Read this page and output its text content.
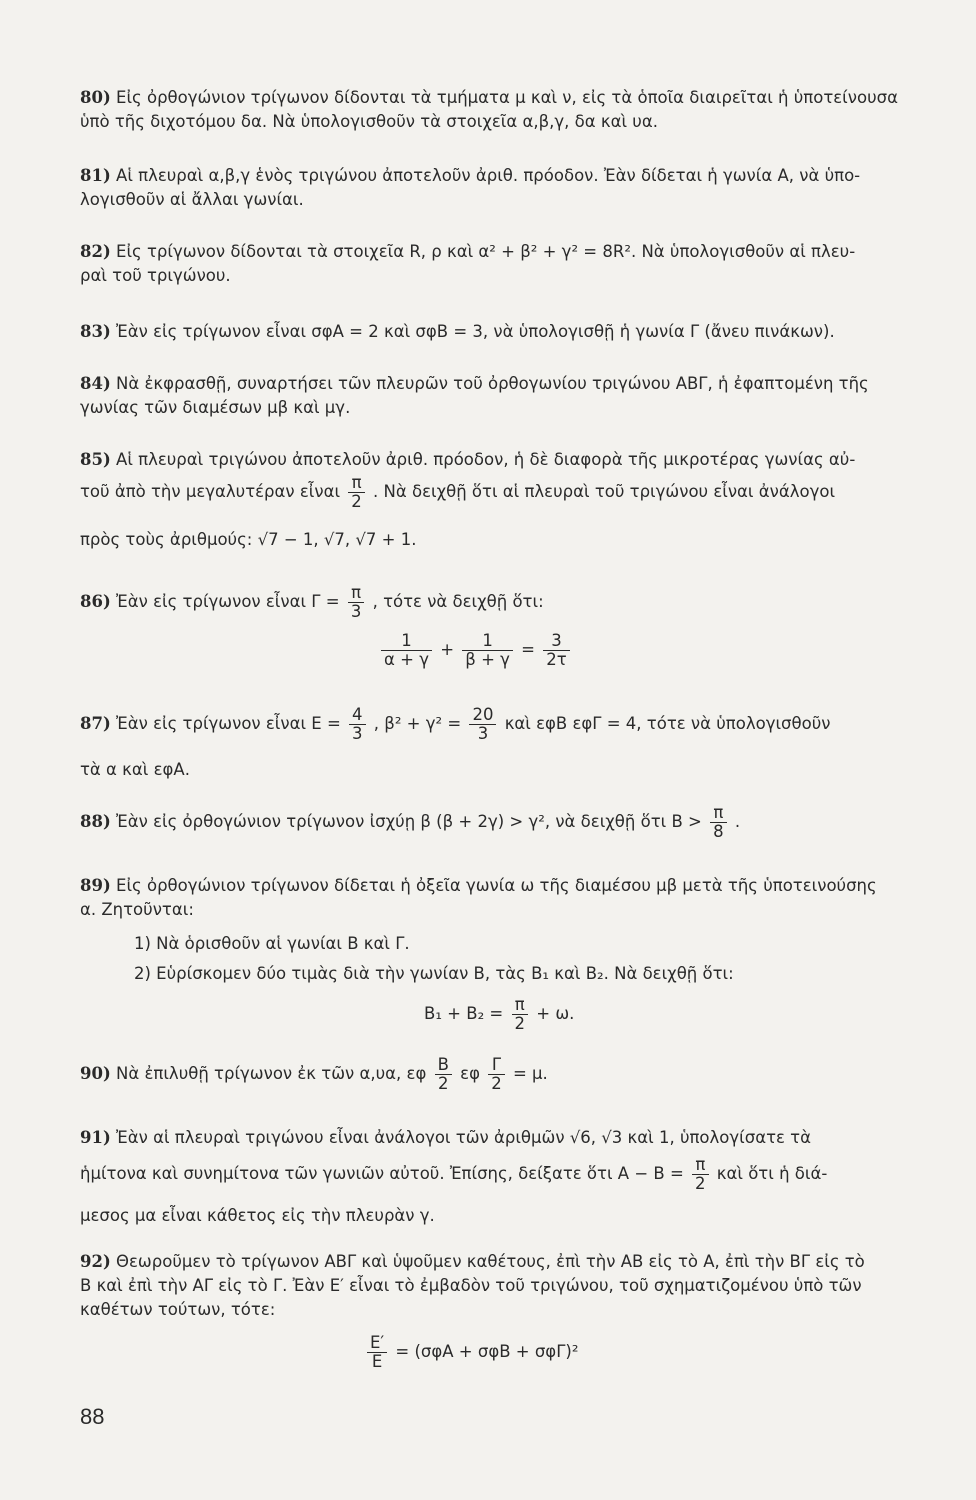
80) Εἰς ὀρθογώνιον τρίγωνον δίδονται τὰ τμήματα μ καὶ ν, εἰς τὰ ὁποῖα διαιρεῖται ἡ ὑποτείνουσα
ὑπὸ τῆς διχοτόμου δα. Νὰ ὑπολογισθοῦν τὰ στοιχεῖα α,β,γ, δα καὶ υα.
81) Αἱ πλευραὶ α,β,γ ἑνὸς τριγώνου ἀποτελοῦν ἀριθ. πρόοδον. Ἐὰν δίδεται ἡ γωνία Α, νὰ ὑπο-
λογισθοῦν αἱ ἄλλαι γωνίαι.
82) Εἰς τρίγωνον δίδονται τὰ στοιχεῖα R, ρ καὶ α² + β² + γ² = 8R². Νὰ ὑπολογισθοῦν αἱ πλευ-
ραὶ τοῦ τριγώνου.
83) Ἐὰν εἰς τρίγωνον εἶναι σφΑ = 2 καὶ σφΒ = 3, νὰ ὑπολογισθῇ ἡ γωνία Γ (ἄνευ πινάκων).
84) Νὰ ἐκφρασθῇ, συναρτήσει τῶν πλευρῶν τοῦ ὀρθογωνίου τριγώνου ΑΒΓ, ἡ ἐφαπτομένη τῆς
γωνίας τῶν διαμέσων μβ καὶ μγ.
85) Αἱ πλευραὶ τριγώνου ἀποτελοῦν ἀριθ. πρόοδον, ἡ δὲ διαφορὰ τῆς μικροτέρας γωνίας αὐ-
τοῦ ἀπὸ τὴν μεγαλυτέραν εἶναι $\frac{\pi}{2}$ . Νὰ δειχθῇ ὅτι αἱ πλευραὶ τοῦ τριγώνου εἶναι ἀνάλογοι
πρὸς τοὺς ἀριθμούς: √7 − 1, √7, √7 + 1.
86) Ἐὰν εἰς τρίγωνον εἶναι $\Gamma = \frac{\pi}{3}$ , τότε νὰ δειχθῇ ὅτι:
$\frac{1}{\alpha + \gamma} + \frac{1}{\beta + \gamma} = \frac{3}{2\tau}$
87) Ἐὰν εἰς τρίγωνον εἶναι $E = \frac{4}{3}$ , $\beta^2 + \gamma^2 = \frac{20}{3}$ καὶ εφΒ εφΓ = 4, τότε νὰ ὑπολογισθοῦν
τὰ α καὶ εφΑ.
88) Ἐὰν εἰς ὀρθογώνιον τρίγωνον ἰσχύῃ β (β + 2γ) > γ², νὰ δειχθῇ ὅτι $B > \frac{\pi}{8}$ .
89) Εἰς ὀρθογώνιον τρίγωνον δίδεται ἡ ὀξεῖα γωνία ω τῆς διαμέσου μβ μετὰ τῆς ὑποτεινούσης
α. Ζητοῦνται:
1) Νὰ ὁρισθοῦν αἱ γωνίαι Β καὶ Γ.
2) Εὑρίσκομεν δύο τιμὰς διὰ τὴν γωνίαν Β, τὰς Β₁ καὶ Β₂. Νὰ δειχθῇ ὅτι:
$B_1 + B_2 = \frac{\pi}{2} + \omega$.
90) Νὰ ἐπιλυθῇ τρίγωνον ἐκ τῶν α,υα, εφ $\frac{B}{2}$ εφ $\frac{\Gamma}{2} = \mu$.
91) Ἐὰν αἱ πλευραὶ τριγώνου εἶναι ἀνάλογοι τῶν ἀριθμῶν √6, √3 καὶ 1, ὑπολογίσατε τὰ
ἡμίτονα καὶ συνημίτονα τῶν γωνιῶν αὐτοῦ. Ἐπίσης, δείξατε ὅτι $A - B = \frac{\pi}{2}$ καὶ ὅτι ἡ διά-
μεσος μα εἶναι κάθετος εἰς τὴν πλευρὰν γ.
92) Θεωροῦμεν τὸ τρίγωνον ΑΒΓ καὶ ὑψοῦμεν καθέτους, ἐπὶ τὴν ΑΒ εἰς τὸ Α, ἐπὶ τὴν ΒΓ εἰς τὸ
Β καὶ ἐπὶ τὴν ΑΓ εἰς τὸ Γ. Ἐὰν Ε′ εἶναι τὸ ἐμβαδὸν τοῦ τριγώνου, τοῦ σχηματιζομένου ὑπὸ τῶν
καθέτων τούτων, τότε:
$\frac{E'}{E} = (\sigma\varphi A + \sigma\varphi B + \sigma\varphi\Gamma)^2$
88
